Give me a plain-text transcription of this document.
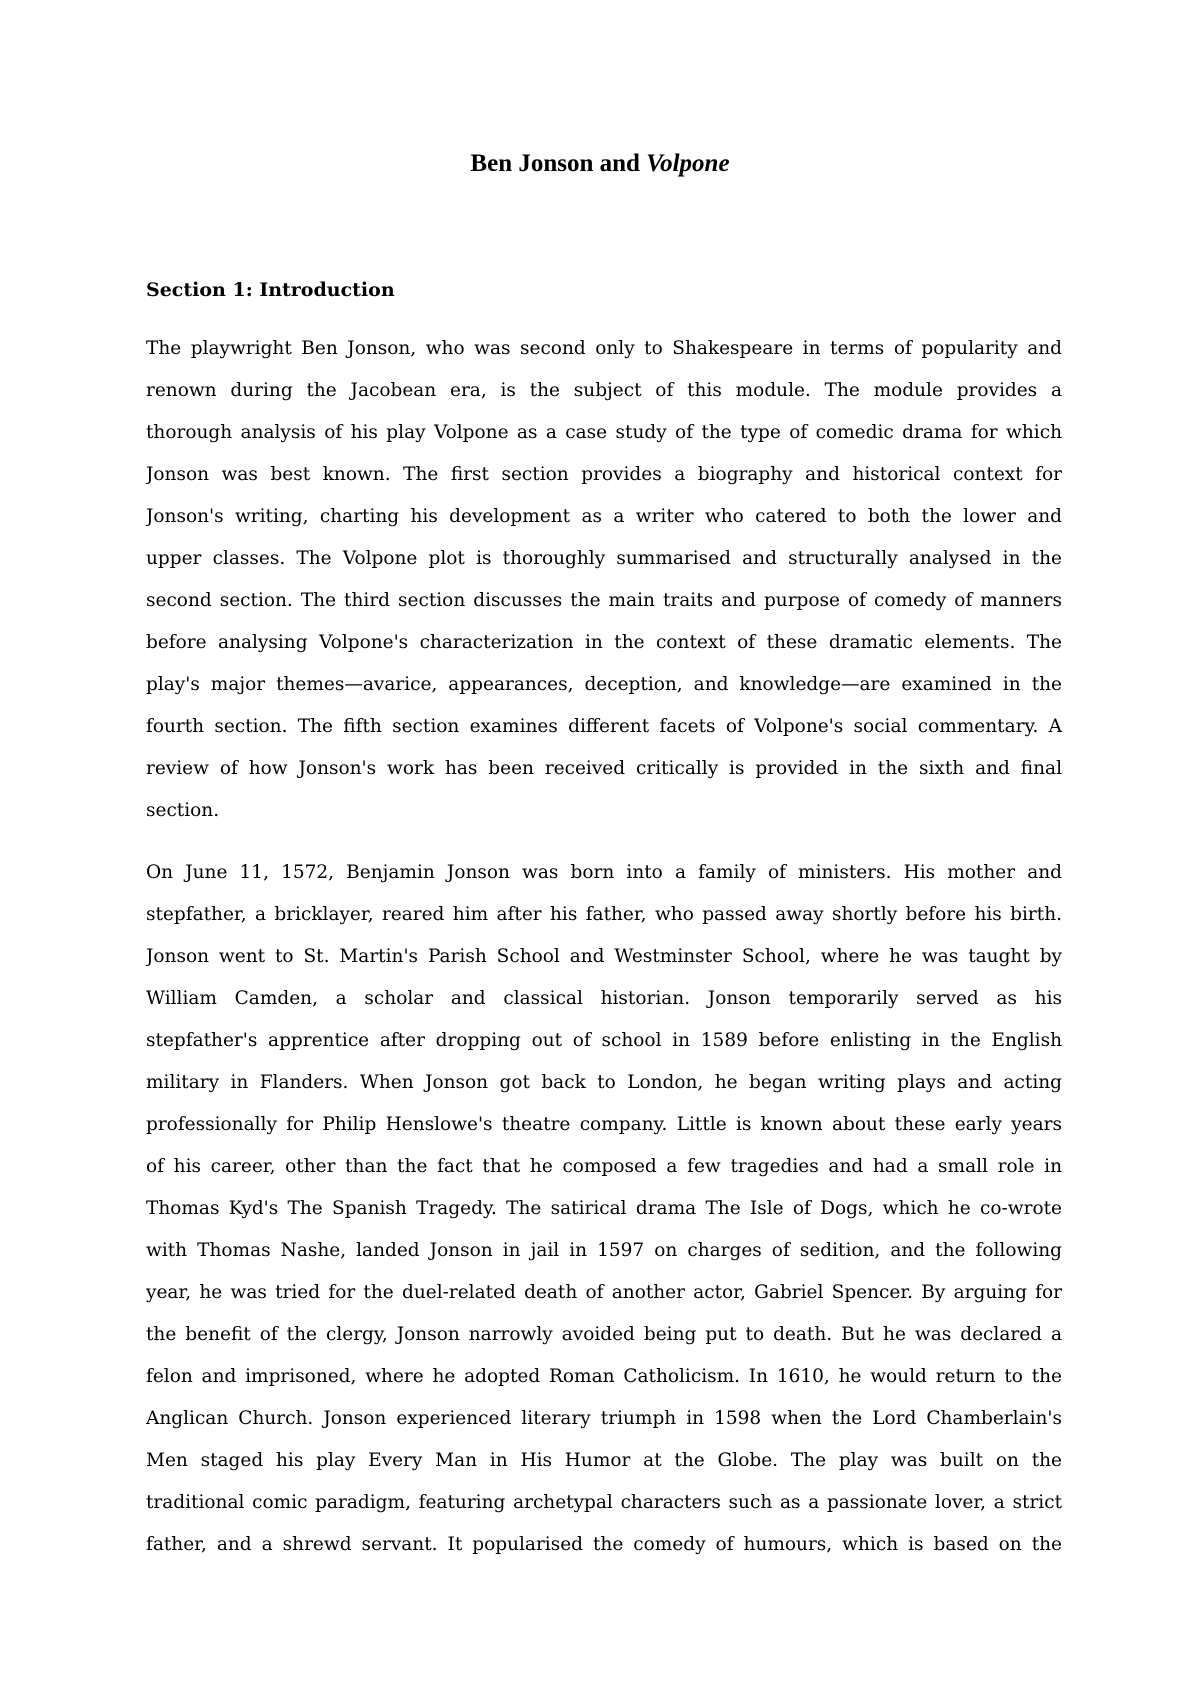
Ben Jonson and Volpone
Section 1: Introduction
The playwright Ben Jonson, who was second only to Shakespeare in terms of popularity and
renown during the Jacobean era, is the subject of this module. The module provides a
thorough analysis of his play Volpone as a case study of the type of comedic drama for which
Jonson was best known. The first section provides a biography and historical context for
Jonson's writing, charting his development as a writer who catered to both the lower and
upper classes. The Volpone plot is thoroughly summarised and structurally analysed in the
second section. The third section discusses the main traits and purpose of comedy of manners
before analysing Volpone's characterization in the context of these dramatic elements. The
play's major themes—avarice, appearances, deception, and knowledge—are examined in the
fourth section. The fifth section examines different facets of Volpone's social commentary. A
review of how Jonson's work has been received critically is provided in the sixth and final
section.
On June 11, 1572, Benjamin Jonson was born into a family of ministers. His mother and
stepfather, a bricklayer, reared him after his father, who passed away shortly before his birth.
Jonson went to St. Martin's Parish School and Westminster School, where he was taught by
William Camden, a scholar and classical historian. Jonson temporarily served as his
stepfather's apprentice after dropping out of school in 1589 before enlisting in the English
military in Flanders. When Jonson got back to London, he began writing plays and acting
professionally for Philip Henslowe's theatre company. Little is known about these early years
of his career, other than the fact that he composed a few tragedies and had a small role in
Thomas Kyd's The Spanish Tragedy. The satirical drama The Isle of Dogs, which he co-wrote
with Thomas Nashe, landed Jonson in jail in 1597 on charges of sedition, and the following
year, he was tried for the duel-related death of another actor, Gabriel Spencer. By arguing for
the benefit of the clergy, Jonson narrowly avoided being put to death. But he was declared a
felon and imprisoned, where he adopted Roman Catholicism. In 1610, he would return to the
Anglican Church. Jonson experienced literary triumph in 1598 when the Lord Chamberlain's
Men staged his play Every Man in His Humor at the Globe. The play was built on the
traditional comic paradigm, featuring archetypal characters such as a passionate lover, a strict
father, and a shrewd servant. It popularised the comedy of humours, which is based on the
